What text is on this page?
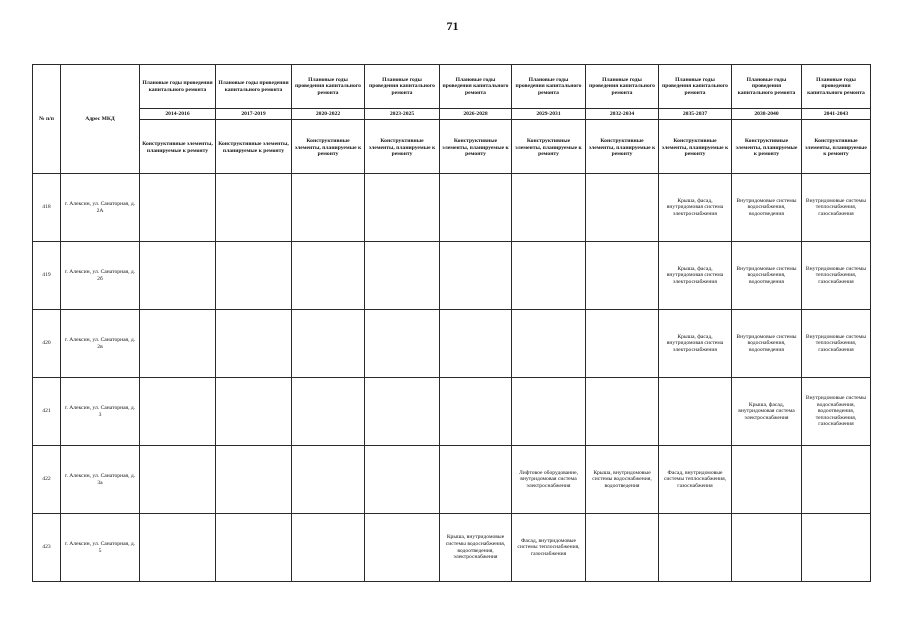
71
№ п/п	Адрес МКД	Плановые годы проведения капитального ремонта	Плановые годы проведения капитального ремонта	Плановые годы проведения капитального ремонта	Плановые годы проведения капитального ремонта	Плановые годы проведения капитального ремонта	Плановые годы проведения капитального ремонта	Плановые годы проведения капитального ремонта	Плановые годы проведения капитального ремонта	Плановые годы проведения капитального ремонта	Плановые годы проведения капитального ремонта
		2014-2016	2017-2019	2020-2022	2023-2025	2026-2028	2029-2031	2032-2034	2035-2037	2038-2040	2041-2043

		Конструктивные элементы, планируемые к ремонту	Конструктивные элементы, планируемые к ремонту	Конструктивные элементы, планируемые к ремонту	Конструктивные элементы, планируемые к ремонту	Конструктивные элементы, планируемые к ремонту	Конструктивные элементы, планируемые к ремонту	Конструктивные элементы, планируемые к ремонту	Конструктивные элементы, планируемые к ремонту	Конструктивные элементы, планируемые к ремонту	Конструктивные элементы, планируемые к ремонту

418	г. Алексин, ул. Санаторная, д. 2А								Крыша, фасад, внутридомовая система электроснабжения	Внутридомовые системы водоснабжения, водоотведения	Внутридомовые системы теплоснабжения, газоснабжения
419	г. Алексин, ул. Санаторная, д. 2б								Крыша, фасад, внутридомовая система электроснабжения	Внутридомовые системы водоснабжения, водоотведения	Внутридомовые системы теплоснабжения, газоснабжения
420	г. Алексин, ул. Санаторная, д. 2в								Крыша, фасад, внутридомовая система электроснабжения	Внутридомовые системы водоснабжения, водоотведения	Внутридомовые системы теплоснабжения, газоснабжения
421	г. Алексин, ул. Санаторная, д. 3									Крыша, фасад, внутридомовая система электроснабжения	Внутридомовые системы водоснабжения, водоотведения, теплоснабжения, газоснабжения
422	г. Алексин, ул. Санаторная, д. 3а						Лифтовое оборудование, внутридомовая система электроснабжения	Крыша, внутридомовые системы водоснабжения, водоотведения	Фасад, внутридомовые системы теплоснабжения, газоснабжения		
423	г. Алексин, ул. Санаторная, д. 5					Крыша, внутридомовые системы водоснабжения, водоотведения, электроснабжения	Фасад, внутридомовые системы теплоснабжения, газоснабжения				
